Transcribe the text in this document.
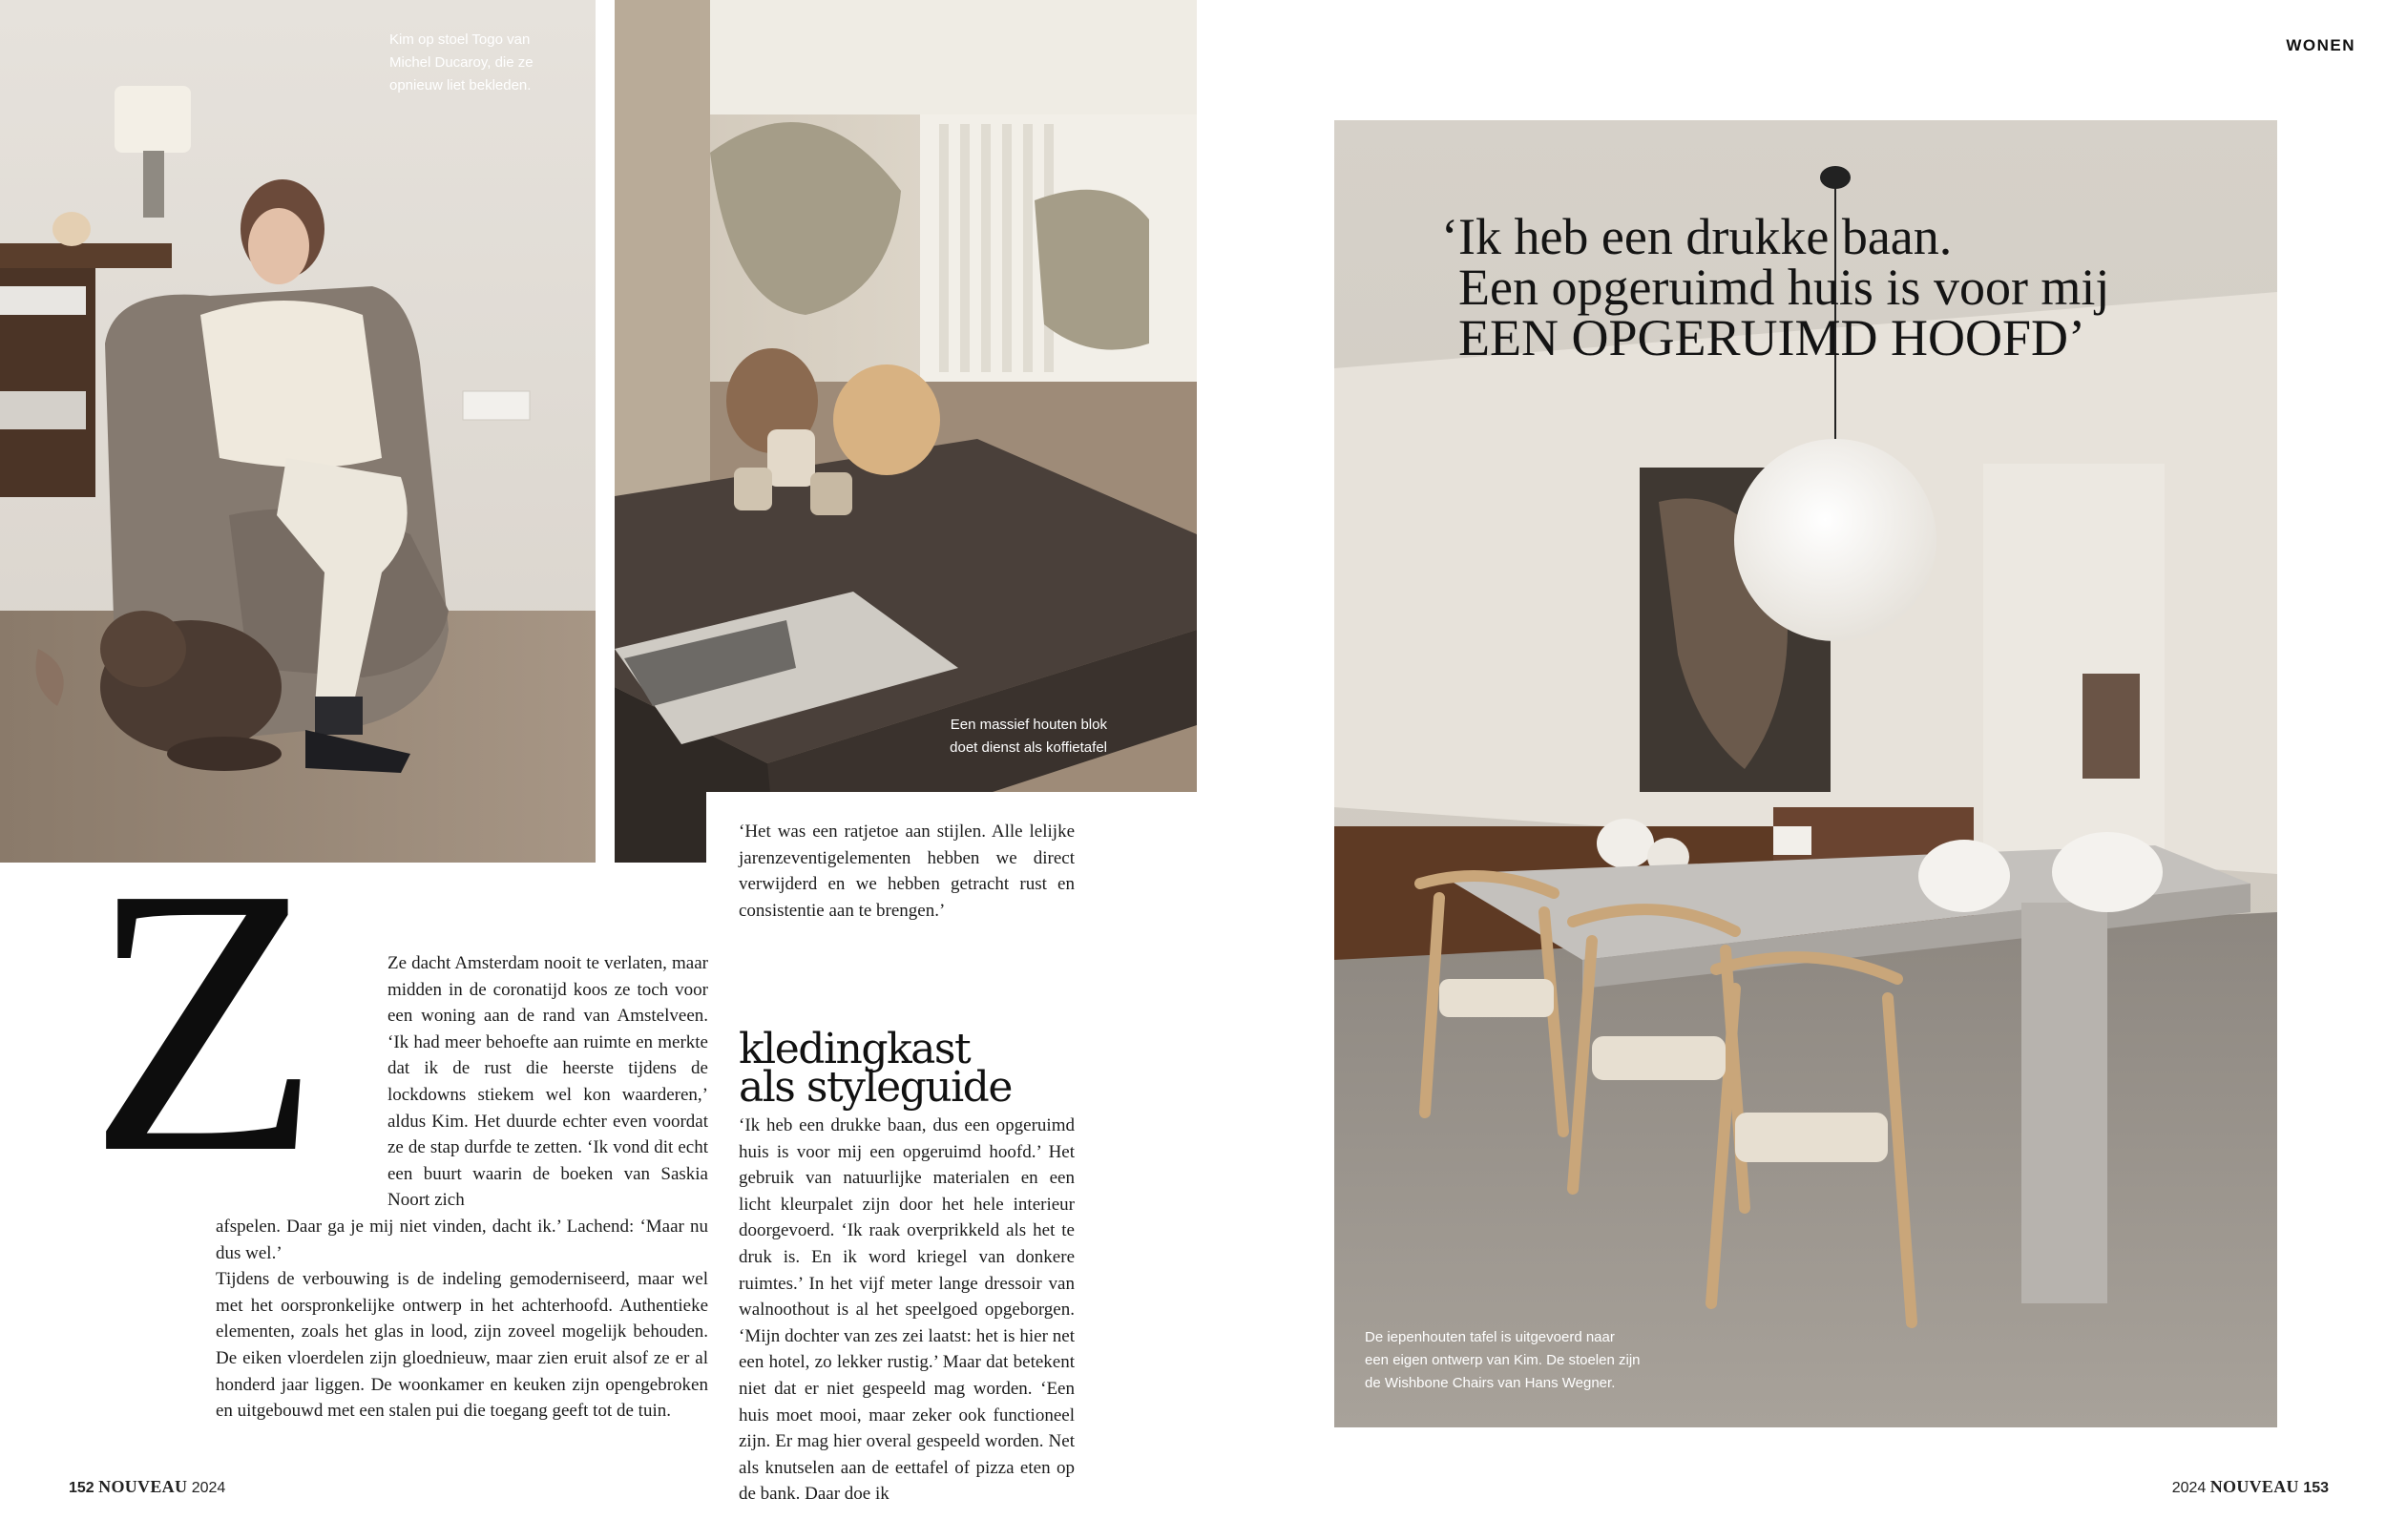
Kim op stoel Togo van
Michel Ducaroy, die ze
opnieuw liet bekleden.
Een massief houten blok
doet dienst als koffietafel
Z	Ze dacht Amsterdam nooit te verlaten, maar midden in de coronatijd koos ze toch voor een woning aan de rand van Amstelveen. ‘Ik had meer behoefte aan ruimte en merkte dat ik de rust die heerste tijdens de lockdowns stiekem wel kon waarderen,’ aldus Kim. Het duurde echter even voordat ze de stap durfde te zetten. ‘Ik vond dit echt een buurt waarin de boeken van Saskia Noort zich

afspelen. Daar ga je mij niet vinden, dacht ik.’ Lachend: ‘Maar nu dus wel.’

Tijdens de verbouwing is de indeling gemoderniseerd, maar wel met het oorspronkelijke ontwerp in het achterhoofd. Authentieke elementen, zoals het glas in lood, zijn zoveel mogelijk behouden. De eiken vloerdelen zijn gloednieuw, maar zien eruit alsof ze er al honderd jaar liggen. De woonkamer en keuken zijn opengebroken en uitgebouwd met een stalen pui die toegang geeft tot de tuin.

‘Het was een ratjetoe aan stijlen. Alle lelijke jarenzeventigelementen hebben we direct verwijderd en we hebben getracht rust en consistentie aan te brengen.’

kledingkast
als styleguide

‘Ik heb een drukke baan, dus een opgeruimd huis is voor mij een opgeruimd hoofd.’ Het gebruik van natuurlijke materialen en een licht kleurpalet zijn door het hele interieur doorgevoerd. ‘Ik raak overprikkeld als het te druk is. En ik word kriegel van donkere ruimtes.’ In het vijf meter lange dressoir van walnoothout is al het speelgoed opgeborgen. ‘Mijn dochter van zes zei laatst: het is hier net een hotel, zo lekker rustig.’ Maar dat betekent niet dat er niet gespeeld mag worden. ‘Een huis moet mooi, maar zeker ook functioneel zijn. Er mag hier overal gespeeld worden. Net als knutselen aan de eettafel of pizza eten op de bank. Daar doe ik

152 NOUVEAU 2024
WONEN
‘Ik heb een drukke baan.
Een opgeruimd huis is voor mij
EEN OPGERUIMD HOOFD’
De iepenhouten tafel is uitgevoerd naar
een eigen ontwerp van Kim. De stoelen zijn
de Wishbone Chairs van Hans Wegner.
2024 NOUVEAU 153
